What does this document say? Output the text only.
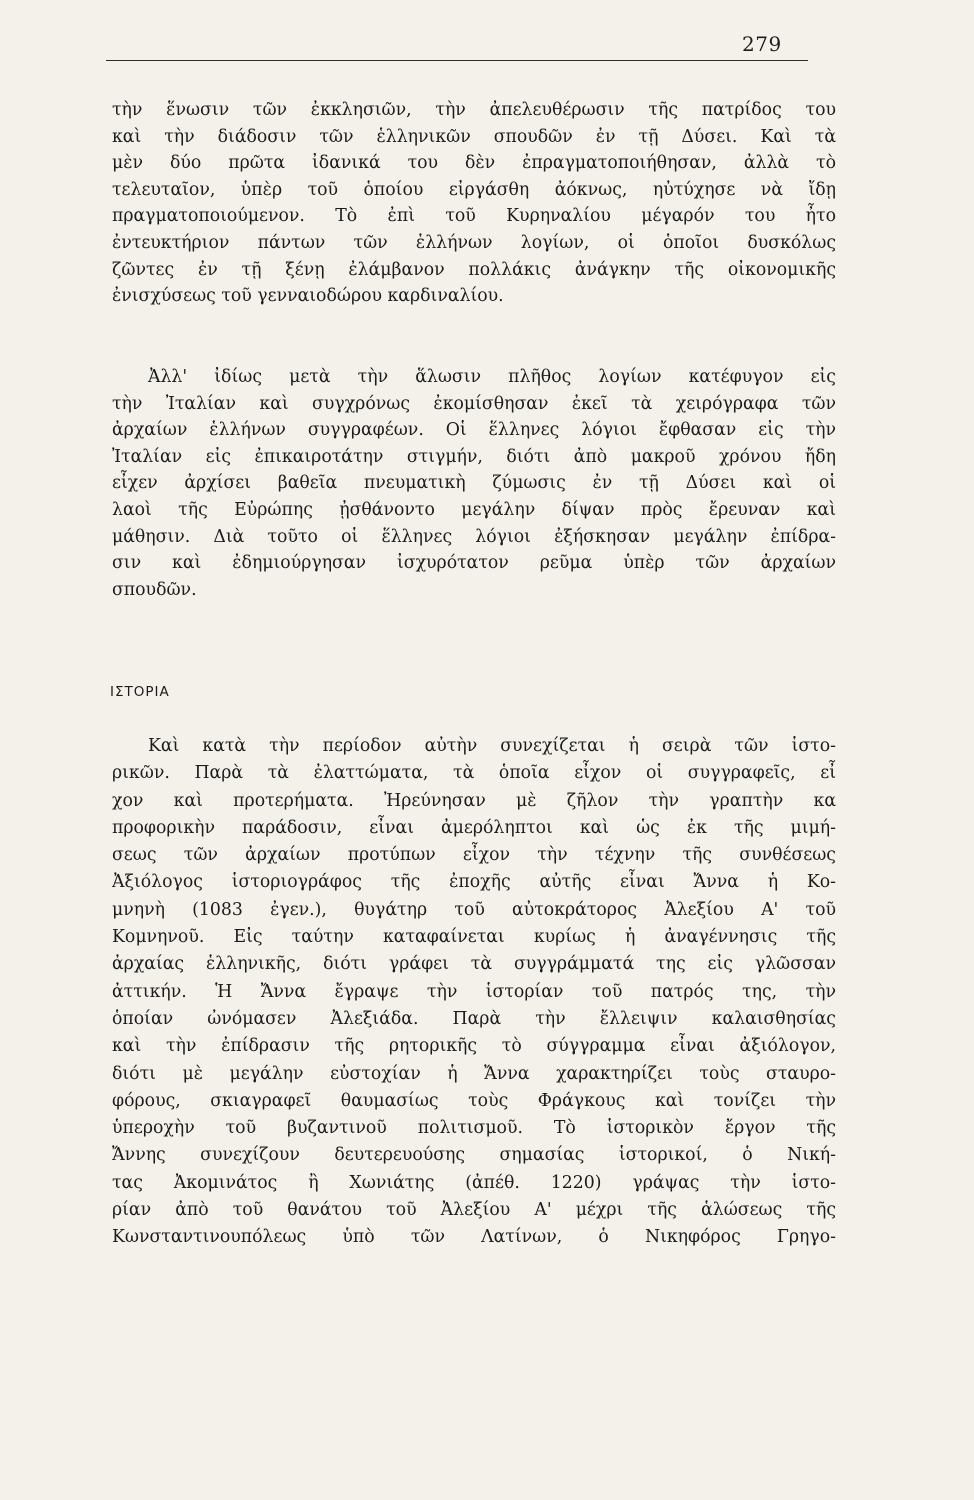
279
τὴν ἕνωσιν τῶν ἐκκλησιῶν, τὴν ἀπελευθέρωσιν τῆς πατρίδος του
καὶ τὴν διάδοσιν τῶν ἑλληνικῶν σπουδῶν ἐν τῇ Δύσει. Καὶ τὰ
μὲν δύο πρῶτα ἰδανικά του δὲν ἐπραγματοποιήθησαν, ἀλλὰ τὸ
τελευταῖον, ὑπὲρ τοῦ ὁποίου εἰργάσθη ἀόκνως, ηὐτύχησε νὰ ἴδῃ
πραγματοποιούμενον. Τὸ ἐπὶ τοῦ Κυρηναλίου μέγαρόν του ἦτο
ἐντευκτήριον πάντων τῶν ἑλλήνων λογίων, οἱ ὁποῖοι δυσκόλως
ζῶντες ἐν τῇ ξένῃ ἐλάμβανον πολλάκις ἀνάγκην τῆς οἰκονομικῆς
ἐνισχύσεως τοῦ γενναιοδώρου καρδιναλίου.
Ἀλλ' ἰδίως μετὰ τὴν ἅλωσιν πλῆθος λογίων κατέφυγον εἰς
τὴν Ἰταλίαν καὶ συγχρόνως ἐκομίσθησαν ἐκεῖ τὰ χειρόγραφα τῶν
ἀρχαίων ἑλλήνων συγγραφέων. Οἱ ἕλληνες λόγιοι ἔφθασαν εἰς τὴν
Ἰταλίαν εἰς ἐπικαιροτάτην στιγμήν, διότι ἀπὸ μακροῦ χρόνου ἤδη
εἶχεν ἀρχίσει βαθεῖα πνευματικὴ ζύμωσις ἐν τῇ Δύσει καὶ οἱ
λαοὶ τῆς Εὐρώπης ᾐσθάνοντο μεγάλην δίψαν πρὸς ἔρευναν καὶ
μάθησιν. Διὰ τοῦτο οἱ ἕλληνες λόγιοι ἐξήσκησαν μεγάλην ἐπίδρα-
σιν καὶ ἐδημιούργησαν ἰσχυρότατον ρεῦμα ὑπὲρ τῶν ἀρχαίων
σπουδῶν.
ΙΣΤΟΡΙΑ
Καὶ κατὰ τὴν περίοδον αὐτὴν συνεχίζεται ἡ σειρὰ τῶν ἱστο-
ρικῶν. Παρὰ τὰ ἐλαττώματα, τὰ ὁποῖα εἶχον οἱ συγγραφεῖς, εἶ
χον καὶ προτερήματα. Ἠρεύνησαν μὲ ζῆλον τὴν γραπτὴν κα
προφορικὴν παράδοσιν, εἶναι ἀμερόληπτοι καὶ ὡς ἐκ τῆς μιμή-
σεως τῶν ἀρχαίων προτύπων εἶχον τὴν τέχνην τῆς συνθέσεως
Ἀξιόλογος ἱστοριογράφος τῆς ἐποχῆς αὐτῆς εἶναι Ἄννα ἡ Κο-
μνηνὴ (1083 ἐγεν.), θυγάτηρ τοῦ αὐτοκράτορος Ἀλεξίου Α' τοῦ
Κομνηνοῦ. Εἰς ταύτην καταφαίνεται κυρίως ἡ ἀναγέννησις τῆς
ἀρχαίας ἑλληνικῆς, διότι γράφει τὰ συγγράμματά της εἰς γλῶσσαν
ἀττικήν. Ἡ Ἄννα ἔγραψε τὴν ἱστορίαν τοῦ πατρός της, τὴν
ὁποίαν ὠνόμασεν Ἀλεξιάδα. Παρὰ τὴν ἔλλειψιν καλαισθησίας
καὶ τὴν ἐπίδρασιν τῆς ρητορικῆς τὸ σύγγραμμα εἶναι ἀξιόλογον,
διότι μὲ μεγάλην εὐστοχίαν ἡ Ἄννα χαρακτηρίζει τοὺς σταυρο-
φόρους, σκιαγραφεῖ θαυμασίως τοὺς Φράγκους καὶ τονίζει τὴν
ὑπεροχὴν τοῦ βυζαντινοῦ πολιτισμοῦ. Τὸ ἱστορικὸν ἔργον τῆς
Ἄννης συνεχίζουν δευτερευούσης σημασίας ἱστορικοί, ὁ Νική-
τας Ἀκομινάτος ἢ Χωνιάτης (ἀπέθ. 1220) γράψας τὴν ἱστο-
ρίαν ἀπὸ τοῦ θανάτου τοῦ Ἀλεξίου Α' μέχρι τῆς ἁλώσεως τῆς
Κωνσταντινουπόλεως ὑπὸ τῶν Λατίνων, ὁ Νικηφόρος Γρηγο-
